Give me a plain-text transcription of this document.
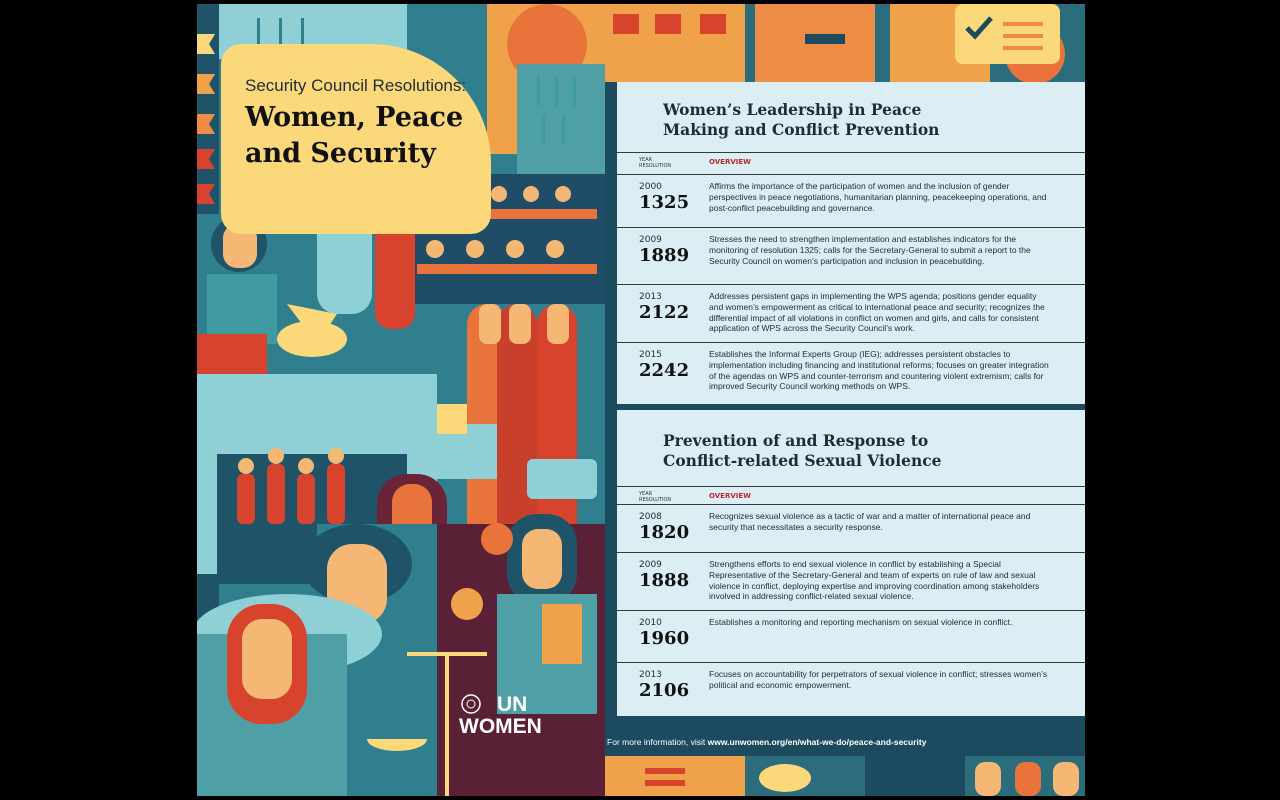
Security Council Resolutions:
Women, Peace and Security
UN
WOMEN
Women’s Leadership in Peace Making and Conflict Prevention
YEAR
RESOLUTION	OVERVIEW
2000
1325
Affirms the importance of the participation of women and the inclusion of gender perspectives in peace negotiations, humanitarian planning, peacekeeping operations, and post-conflict peacebuilding and governance.
2009
1889
Stresses the need to strengthen implementation and establishes indicators for the monitoring of resolution 1325; calls for the Secretary-General to submit a report to the Security Council on women’s participation and inclusion in peacebuilding.
2013
2122
Addresses persistent gaps in implementing the WPS agenda; positions gender equality and women’s empowerment as critical to international peace and security; recognizes the differential impact of all violations in conflict on women and girls, and calls for consistent application of WPS across the Security Council’s work.
2015
2242
Establishes the Informal Experts Group (IEG); addresses persistent obstacles to implementation including financing and institutional reforms; focuses on greater integration of the agendas on WPS and counter-terrorism and countering violent extremism; calls for improved Security Council working methods on WPS.
Prevention of and Response to Conflict-related Sexual Violence
YEAR
RESOLUTION	OVERVIEW
2008
1820
Recognizes sexual violence as a tactic of war and a matter of international peace and security that necessitates a security response.
2009
1888
Strengthens efforts to end sexual violence in conflict by establishing a Special Representative of the Secretary-General and team of experts on rule of law and sexual violence in conflict, deploying expertise and improving coordination among stakeholders involved in addressing conflict-related sexual violence.
2010
1960
Establishes a monitoring and reporting mechanism on sexual violence in conflict.
2013
2106
Focuses on accountability for perpetrators of sexual violence in conflict; stresses women’s political and economic empowerment.
For more information, visit www.unwomen.org/en/what-we-do/peace-and-security
